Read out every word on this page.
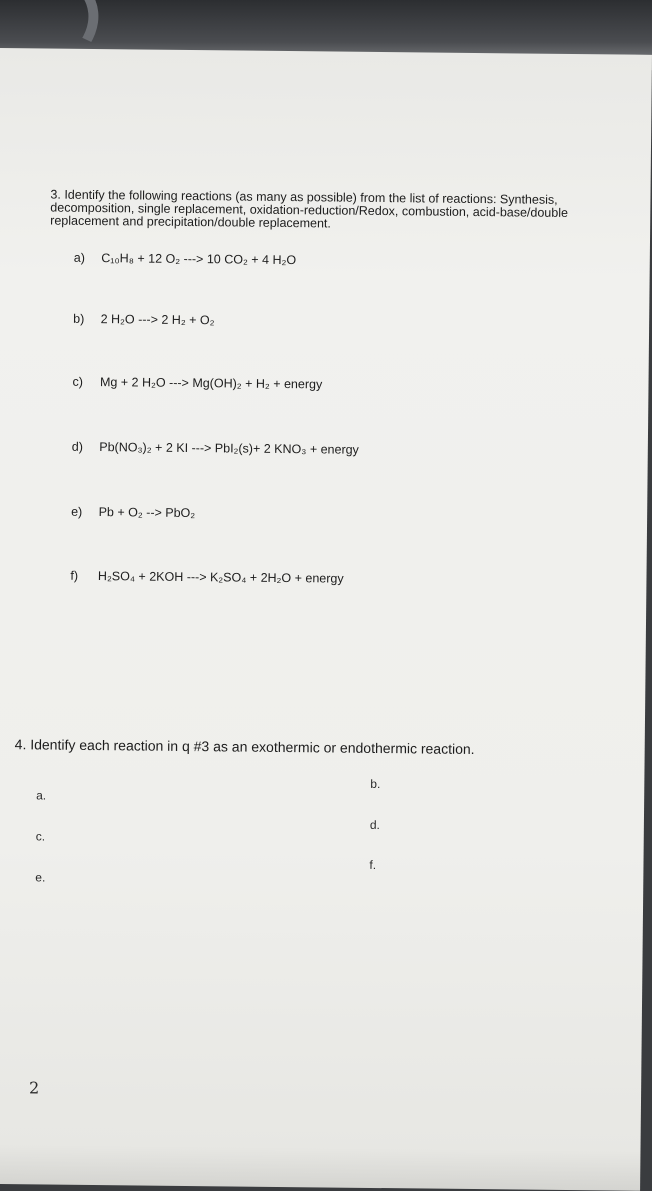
3. Identify the following reactions (as many as possible) from the list of reactions: Synthesis, decomposition, single replacement, oxidation-reduction/Redox, combustion, acid-base/double replacement and precipitation/double replacement.
a) C₁₀H₈ + 12 O₂ ---> 10 CO₂ + 4 H₂O
b) 2 H₂O ---> 2 H₂ + O₂
c) Mg + 2 H₂O ---> Mg(OH)₂ + H₂ + energy
d) Pb(NO₃)₂ + 2 KI ---> PbI₂(s)+ 2 KNO₃ + energy
e) Pb + O₂ --> PbO₂
f) H₂SO₄ + 2KOH ---> K₂SO₄ + 2H₂O + energy
4. Identify each reaction in q #3 as an exothermic or endothermic reaction.
a.
b.
c.
d.
e.
f.
2
